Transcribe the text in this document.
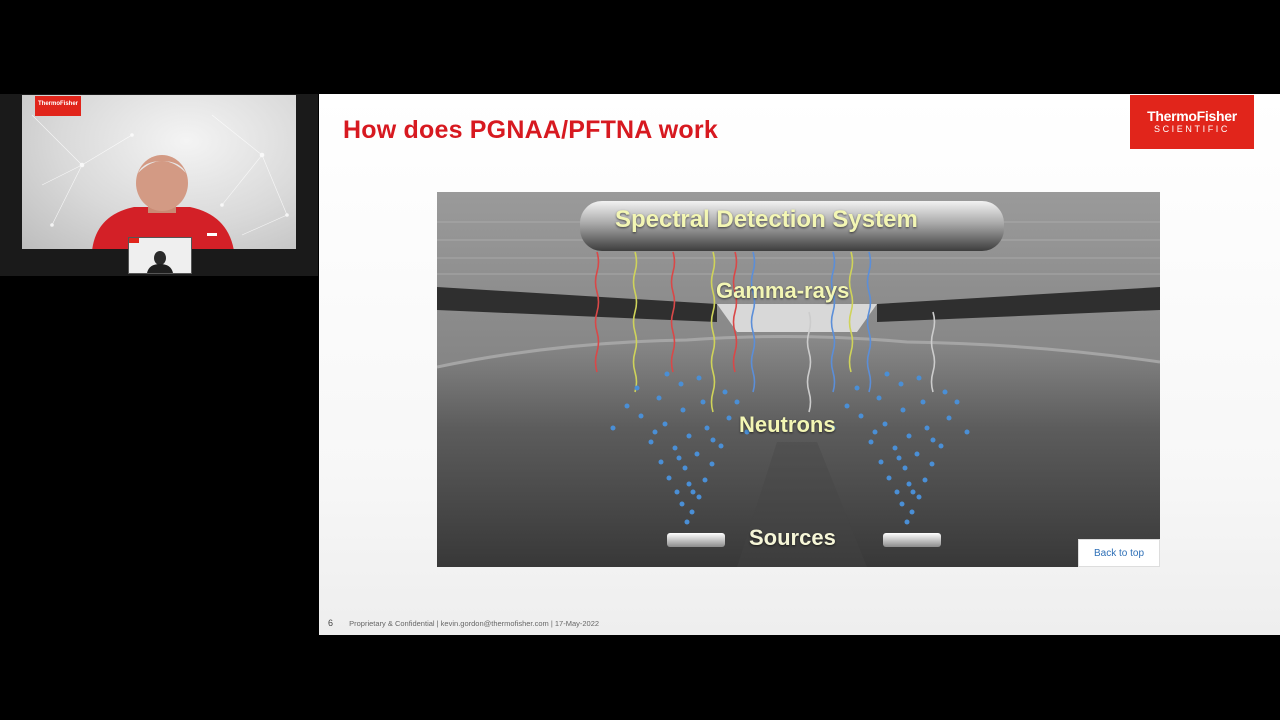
ThermoFisher
How does PGNAA/PFTNA work	ThermoFisher
SCIENTIFIC
Spectral Detection System
Gamma-rays
Neutrons
Sources
Back to top
6 Proprietary & Confidential | kevin.gordon@thermofisher.com | 17-May-2022
